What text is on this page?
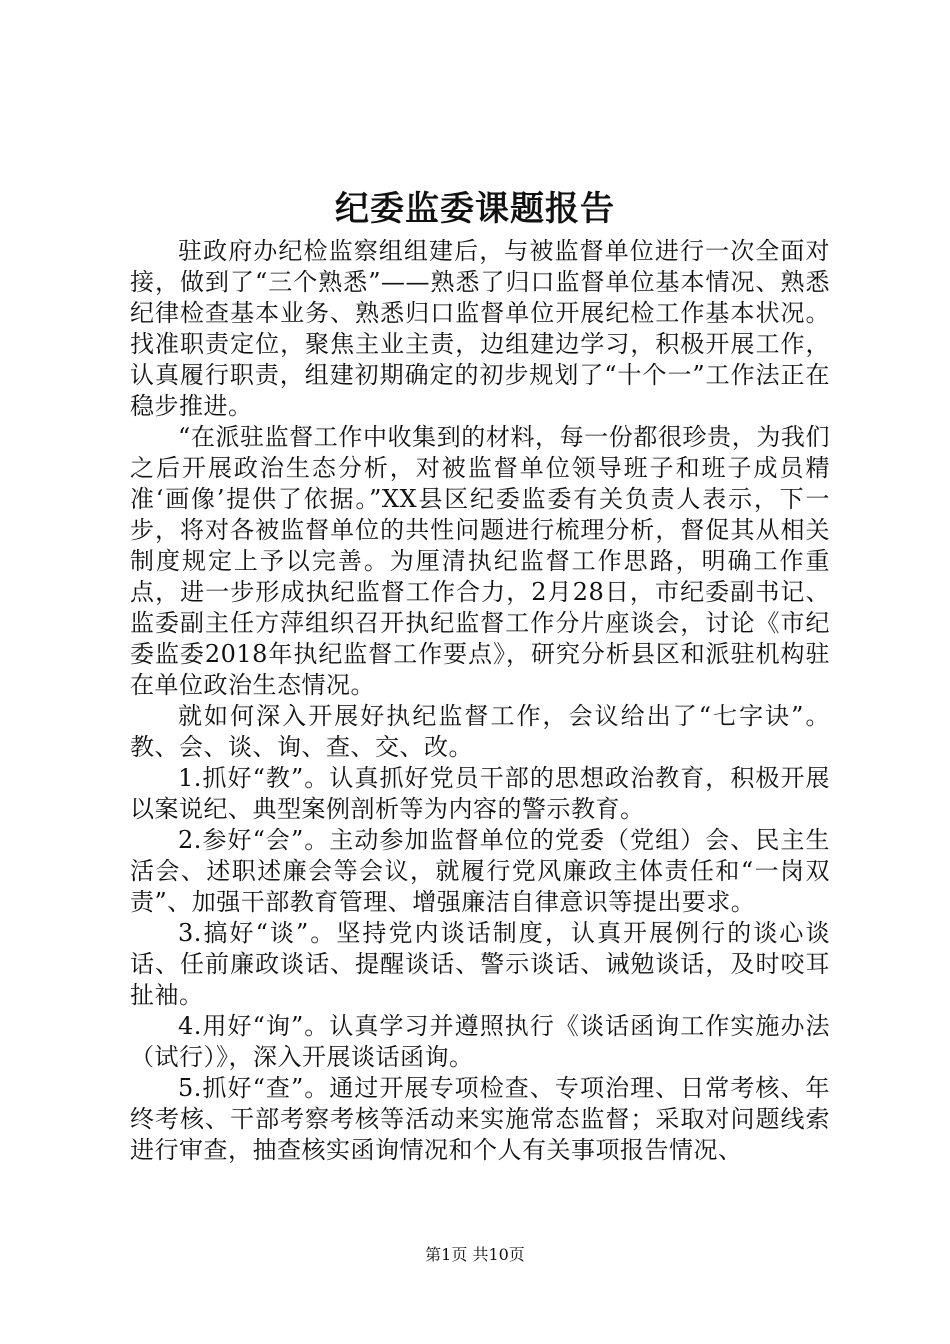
纪委监委课题报告

驻政府办纪检监察组组建后，与被监督单位进行一次全面对接，做到了“三个熟悉”——熟悉了归口监督单位基本情况、熟悉纪律检查基本业务、熟悉归口监督单位开展纪检工作基本状况。找准职责定位，聚焦主业主责，边组建边学习，积极开展工作，认真履行职责，组建初期确定的初步规划了“十个一”工作法正在稳步推进。

“在派驻监督工作中收集到的材料，每一份都很珍贵，为我们之后开展政治生态分析，对被监督单位领导班子和班子成员精准‘画像’提供了依据。”XX县区纪委监委有关负责人表示，下一步，将对各被监督单位的共性问题进行梳理分析，督促其从相关制度规定上予以完善。为厘清执纪监督工作思路，明确工作重点，进一步形成执纪监督工作合力，2月28日，市纪委副书记、监委副主任方萍组织召开执纪监督工作分片座谈会，讨论《市纪委监委2018年执纪监督工作要点》，研究分析县区和派驻机构驻在单位政治生态情况。

就如何深入开展好执纪监督工作，会议给出了“七字诀”。教、会、谈、询、查、交、改。

1.抓好“教”。认真抓好党员干部的思想政治教育，积极开展以案说纪、典型案例剖析等为内容的警示教育。

2.参好“会”。主动参加监督单位的党委（党组）会、民主生活会、述职述廉会等会议，就履行党风廉政主体责任和“一岗双责”、加强干部教育管理、增强廉洁自律意识等提出要求。

3.搞好“谈”。坚持党内谈话制度，认真开展例行的谈心谈话、任前廉政谈话、提醒谈话、警示谈话、诫勉谈话，及时咬耳扯袖。

4.用好“询”。认真学习并遵照执行《谈话函询工作实施办法（试行）》，深入开展谈话函询。

5.抓好“查”。通过开展专项检查、专项治理、日常考核、年终考核、干部考察考核等活动来实施常态监督；采取对问题线索进行审查，抽查核实函询情况和个人有关事项报告情况、

第1页 共10页
